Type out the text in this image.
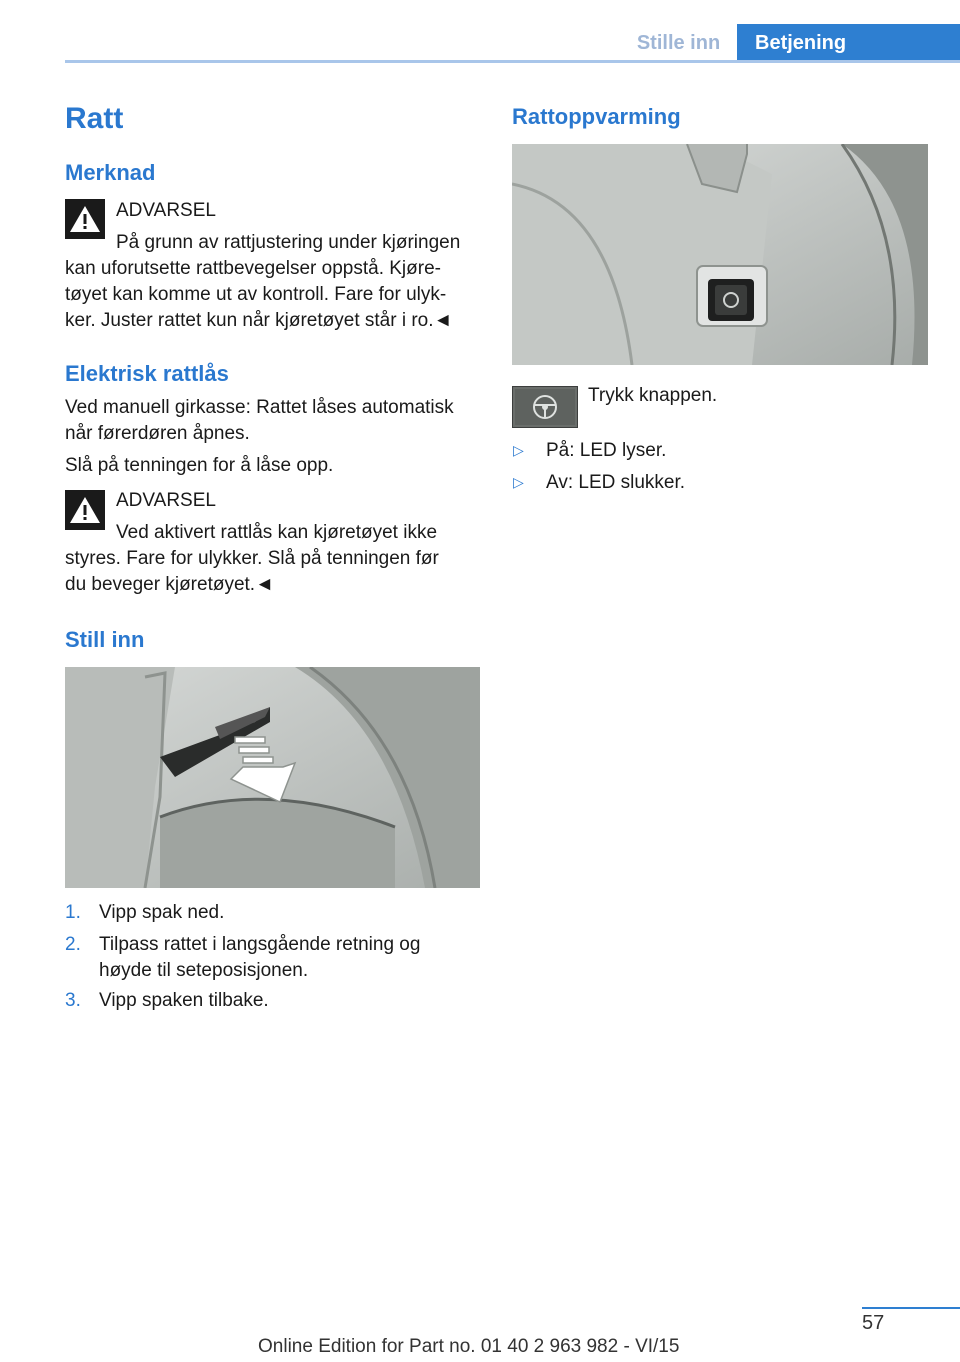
Stille inn	Betjening
Ratt
Merknad
ADVARSEL
På grunn av rattjustering under kjøringen
kan uforutsette rattbevegelser oppstå. Kjøre‐
tøyet kan komme ut av kontroll. Fare for ulyk‐
ker. Juster rattet kun når kjøretøyet står i ro.◄
Elektrisk rattlås
Ved manuell girkasse: Rattet låses automatisk
når førerdøren åpnes.
Slå på tenningen for å låse opp.
ADVARSEL
Ved aktivert rattlås kan kjøretøyet ikke
styres. Fare for ulykker. Slå på tenningen før
du beveger kjøretøyet.◄
Still inn
1. Vipp spak ned.
2. Tilpass rattet i langsgående retning og
høyde til seteposisjonen.
3. Vipp spaken tilbake.
Rattoppvarming
Trykk knappen.
▷ På: LED lyser.
▷ Av: LED slukker.
57
Online Edition for Part no. 01 40 2 963 982 - VI/15
